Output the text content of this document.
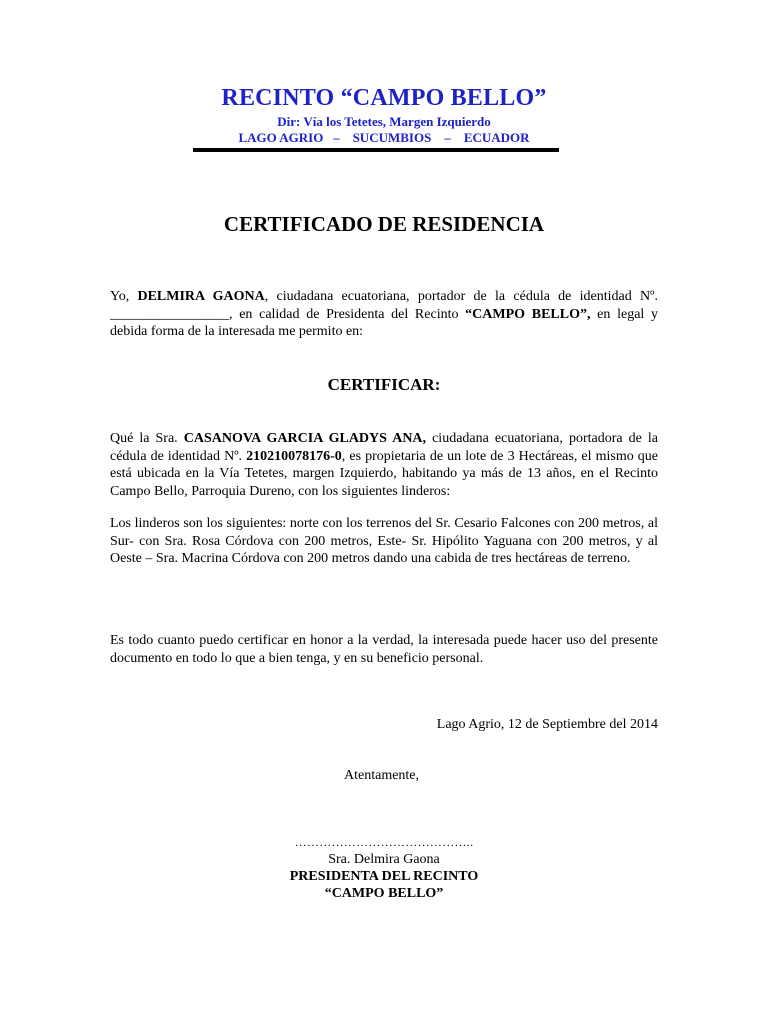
RECINTO “CAMPO BELLO”
Dir: Vía los Tetetes, Margen Izquierdo
LAGO AGRIO   –    SUCUMBIOS    –    ECUADOR
CERTIFICADO DE RESIDENCIA
Yo, DELMIRA GAONA, ciudadana ecuatoriana, portador de la cédula de identidad Nº. _________________, en calidad de Presidenta del Recinto “CAMPO BELLO”, en legal y debida forma de la interesada me permito en:
CERTIFICAR:
Qué la Sra. CASANOVA GARCIA GLADYS ANA, ciudadana ecuatoriana, portadora de la cédula de identidad Nº. 210210078176-0, es propietaria de un lote de 3 Hectáreas, el mismo que está ubicada en la Vía Tetetes, margen Izquierdo, habitando ya más de 13 años, en el Recinto Campo Bello, Parroquia Dureno, con los siguientes linderos:
Los linderos son los siguientes: norte con los terrenos del Sr. Cesario Falcones con 200 metros, al Sur- con Sra. Rosa Córdova con 200 metros, Este- Sr. Hipólito Yaguana con 200 metros, y al Oeste – Sra. Macrina Córdova con 200 metros dando una cabida de tres hectáreas de terreno.
Es todo cuanto puedo certificar en honor a la verdad, la interesada puede hacer uso del presente documento en todo lo que a bien tenga, y en su beneficio personal.
Lago Agrio, 12 de Septiembre del 2014
Atentamente,
……………………………………..
Sra. Delmira Gaona
PRESIDENTA DEL RECINTO
“CAMPO BELLO”
